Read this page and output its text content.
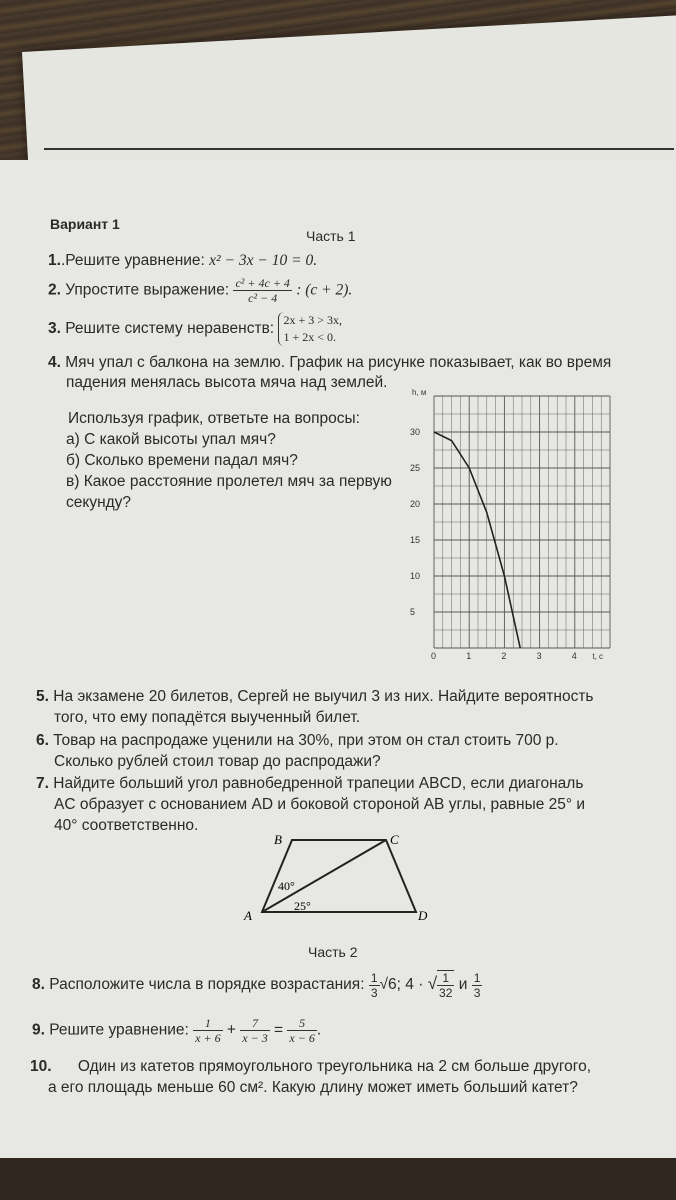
Вариант 1
Часть 1
1..Решите уравнение: x² − 3x − 10 = 0.
2. Упростите выражение: $\frac{\text{c² + 4c + 4}}{\text{c² − 4}}$ : (c + 2).
3. Решите систему неравенств:
2x + 3 > 3x,
1 + 2x < 0.
4. Мяч упал с балкона на землю. График на рисунке показывает, как во время
падения менялась высота мяча над землей.
Используя график, ответьте на вопросы:
а) С какой высоты упал мяч?
б) Сколько времени падал мяч?
в) Какое расстояние пролетел мяч за первую
секунду?
0	1	2	3	4
5
10
15
20
25
30
h, м
t, c
5. На экзамене 20 билетов, Сергей не выучил 3 из них. Найдите вероятность
того, что ему попадётся выученный билет.
6. Товар на распродаже уценили на 30%, при этом он стал стоить 700 р.
Сколько рублей стоил товар до распродажи?
7. Найдите больший угол равнобедренной трапеции ABCD, если диагональ
AC образует с основанием AD и боковой стороной AB углы, равные 25° и
40° соответственно.
B	C
A	D
40°
25°
Часть 2
8. Расположите числа в порядке возрастания: $\frac{1}{3} √6$; 4 · √ $\frac{1}{32}$ и $\frac{1}{3}$
9. Решите уравнение: $\frac{1}{x + 6} + \frac{7}{x - 3} = \frac{5}{x - 6}$ .
10. Один из катетов прямоугольного треугольника на 2 см больше другого,
а его площадь меньше 60 см². Какую длину может иметь больший катет?
